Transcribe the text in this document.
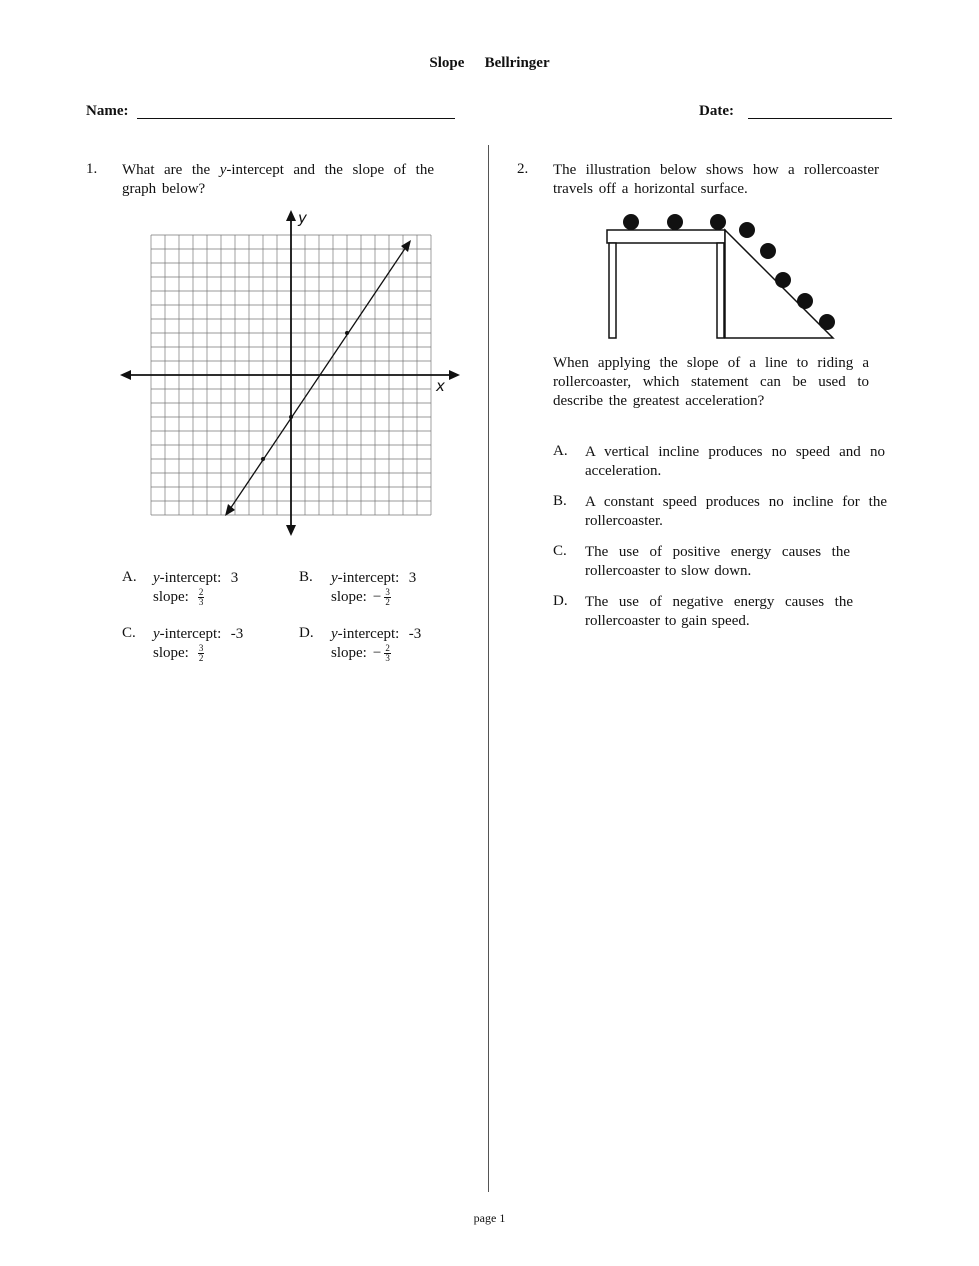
Slope   Bellringer
Name:	Date:
1. What are the y-intercept and the slope of the graph below?
x
y
A. y-intercept:  3
slope: $\frac{2}{3}$
B. y-intercept:  3
slope: − $\frac{3}{2}$
C. y-intercept:  -3
slope: $\frac{3}{2}$
D. y-intercept:  -3
slope: − $\frac{2}{3}$
2. The illustration below shows how a rollercoaster travels off a horizontal surface.
When applying the slope of a line to riding a rollercoaster, which statement can be used to describe the greatest acceleration?
A. A vertical incline produces no speed and no acceleration.
B. A constant speed produces no incline for the rollercoaster.
C. The use of positive energy causes the rollercoaster to slow down.
D. The use of negative energy causes the rollercoaster to gain speed.
page 1
